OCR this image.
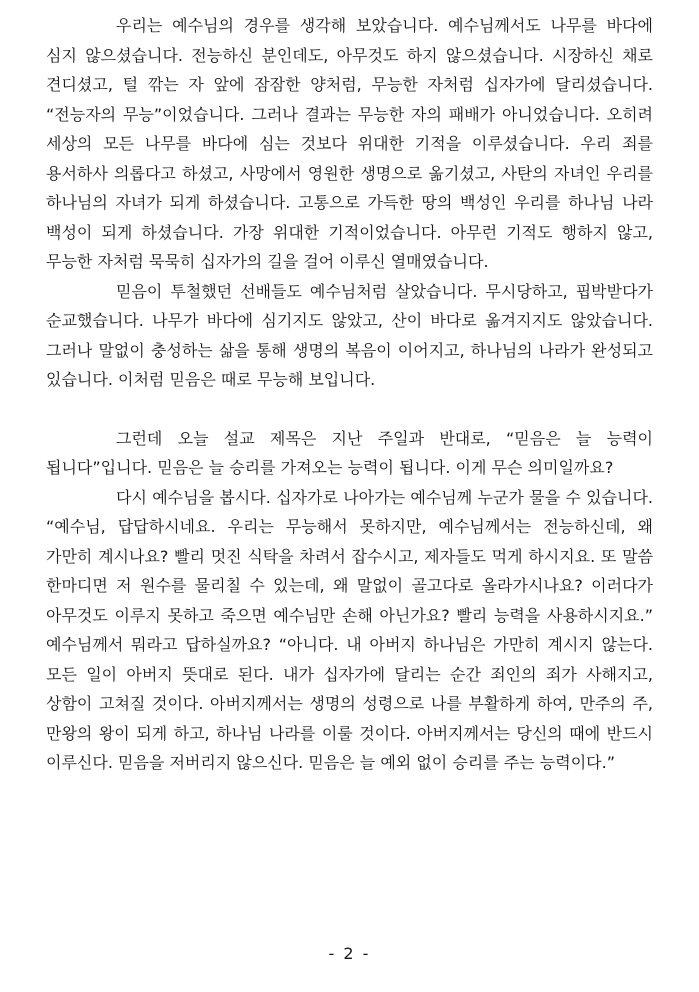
우리는 예수님의 경우를 생각해 보았습니다. 예수님께서도 나무를 바다에 심지 않으셨습니다. 전능하신 분인데도, 아무것도 하지 않으셨습니다. 시장하신 채로 견디셨고, 털 깎는 자 앞에 잠잠한 양처럼, 무능한 자처럼 십자가에 달리셨습니다. “전능자의 무능”이었습니다. 그러나 결과는 무능한 자의 패배가 아니었습니다. 오히려 세상의 모든 나무를 바다에 심는 것보다 위대한 기적을 이루셨습니다. 우리 죄를 용서하사 의롭다고 하셨고, 사망에서 영원한 생명으로 옮기셨고, 사탄의 자녀인 우리를 하나님의 자녀가 되게 하셨습니다. 고통으로 가득한 땅의 백성인 우리를 하나님 나라 백성이 되게 하셨습니다. 가장 위대한 기적이었습니다. 아무런 기적도 행하지 않고, 무능한 자처럼 묵묵히 십자가의 길을 걸어 이루신 열매였습니다.

믿음이 투철했던 선배들도 예수님처럼 살았습니다. 무시당하고, 핍박받다가 순교했습니다. 나무가 바다에 심기지도 않았고, 산이 바다로 옮겨지지도 않았습니다. 그러나 말없이 충성하는 삶을 통해 생명의 복음이 이어지고, 하나님의 나라가 완성되고 있습니다. 이처럼 믿음은 때로 무능해 보입니다.

그런데 오늘 설교 제목은 지난 주일과 반대로, “믿음은 늘 능력이 됩니다”입니다. 믿음은 늘 승리를 가져오는 능력이 됩니다. 이게 무슨 의미일까요?

다시 예수님을 봅시다. 십자가로 나아가는 예수님께 누군가 물을 수 있습니다. “예수님, 답답하시네요. 우리는 무능해서 못하지만, 예수님께서는 전능하신데, 왜 가만히 계시나요? 빨리 멋진 식탁을 차려서 잡수시고, 제자들도 먹게 하시지요. 또 말씀 한마디면 저 원수를 물리칠 수 있는데, 왜 말없이 골고다로 올라가시나요? 이러다가 아무것도 이루지 못하고 죽으면 예수님만 손해 아닌가요? 빨리 능력을 사용하시지요.” 예수님께서 뭐라고 답하실까요? “아니다. 내 아버지 하나님은 가만히 계시지 않는다. 모든 일이 아버지 뜻대로 된다. 내가 십자가에 달리는 순간 죄인의 죄가 사해지고, 상함이 고쳐질 것이다. 아버지께서는 생명의 성령으로 나를 부활하게 하여, 만주의 주, 만왕의 왕이 되게 하고, 하나님 나라를 이룰 것이다. 아버지께서는 당신의 때에 반드시 이루신다. 믿음을 저버리지 않으신다. 믿음은 늘 예외 없이 승리를 주는 능력이다.”

- 2 -
